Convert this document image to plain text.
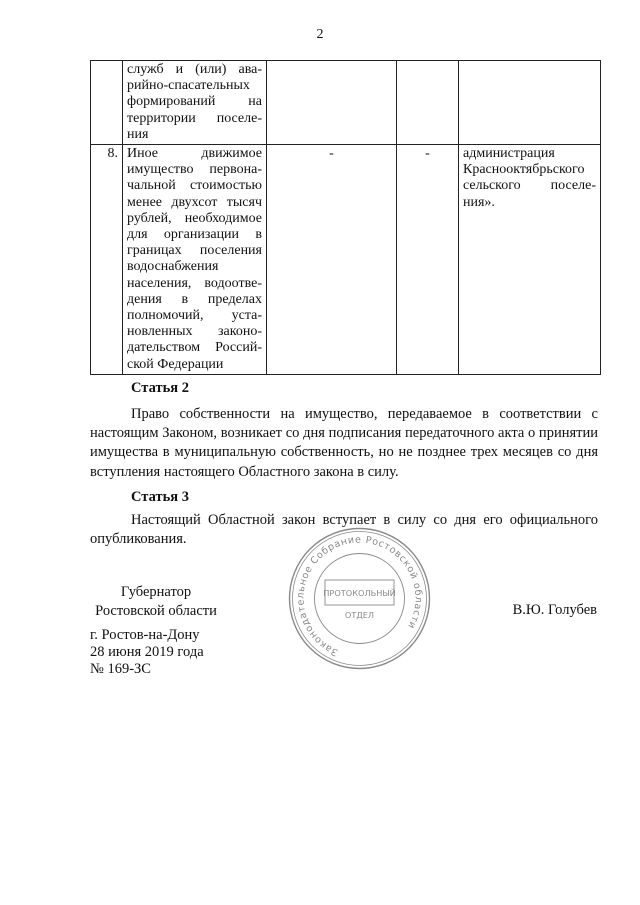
2
	служб и (или) ава-рийно-спасательных формирований на территории поселе-ния			
8.	Иное движимое имущество первона-чальной стоимостью менее двухсот тысяч рублей, необходимое для организации в границах поселения водоснабжения населения, водоотве-дения в пределах полномочий, уста-новленных законо-дательством Россий-ской Федерации	-	-	администрация Краснооктябрьского сельского поселе-ния».
Статья 2
Право собственности на имущество, передаваемое в соответствии с настоящим Законом, возникает со дня подписания передаточного акта о принятии имущества в муниципальную собственность, но не позднее трех месяцев со дня вступления настоящего Областного закона в силу.
Статья 3
Настоящий Областной закон вступает в силу со дня его официального опубликования.
Законодательное Собрание Ростовской области
ПРОТОКОЛЬНЫЙ
ОТДЕЛ
Губернатор
Ростовской области	В.Ю. Голубев
г. Ростов-на-Дону
28 июня 2019 года
№ 169-ЗС
